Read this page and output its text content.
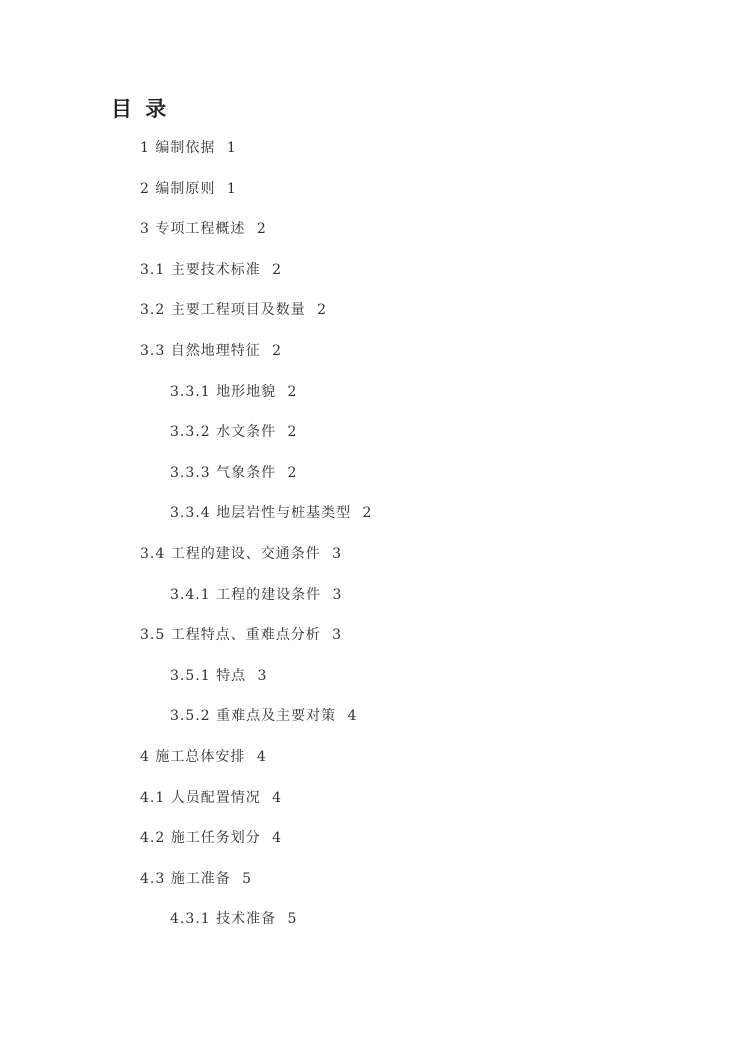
目 录
1 编制依据 1
2 编制原则 1
3 专项工程概述 2
3.1 主要技术标准 2
3.2 主要工程项目及数量 2
3.3 自然地理特征 2
3.3.1 地形地貌 2
3.3.2 水文条件 2
3.3.3 气象条件 2
3.3.4 地层岩性与桩基类型 2
3.4 工程的建设、交通条件 3
3.4.1 工程的建设条件 3
3.5 工程特点、重难点分析 3
3.5.1 特点 3
3.5.2 重难点及主要对策 4
4 施工总体安排 4
4.1 人员配置情况 4
4.2 施工任务划分 4
4.3 施工准备 5
4.3.1 技术准备 5
